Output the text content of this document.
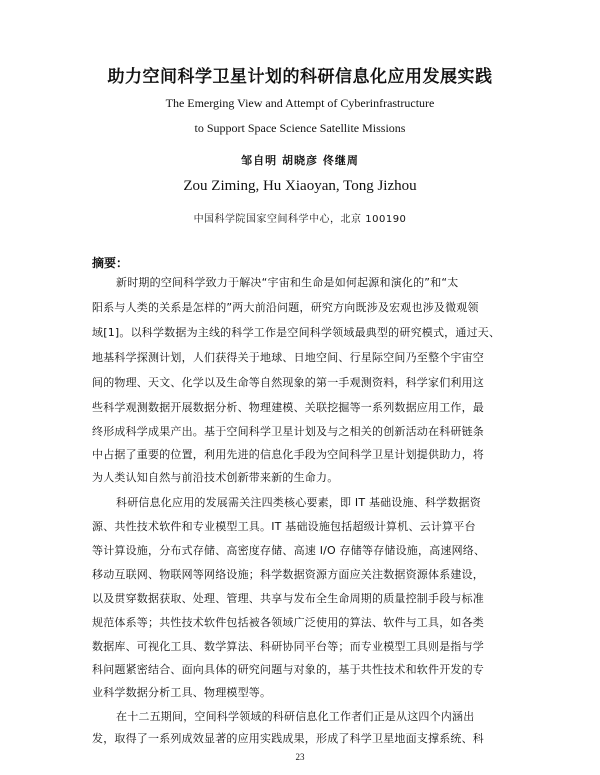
助力空间科学卫星计划的科研信息化应用发展实践
The Emerging View and Attempt of Cyberinfrastructure
to Support Space Science Satellite Missions
邹自明 胡晓彦 佟继周
Zou Ziming, Hu Xiaoyan, Tong Jizhou
中国科学院国家空间科学中心，北京 100190
摘要：
新时期的空间科学致力于解决“宇宙和生命是如何起源和演化的”和“太
阳系与人类的关系是怎样的”两大前沿问题，研究方向既涉及宏观也涉及微观领
域[1]。以科学数据为主线的科学工作是空间科学领域最典型的研究模式，通过天、
地基科学探测计划，人们获得关于地球、日地空间、行星际空间乃至整个宇宙空
间的物理、天文、化学以及生命等自然现象的第一手观测资料，科学家们利用这
些科学观测数据开展数据分析、物理建模、关联挖掘等一系列数据应用工作，最
终形成科学成果产出。基于空间科学卫星计划及与之相关的创新活动在科研链条
中占据了重要的位置，利用先进的信息化手段为空间科学卫星计划提供助力，将
为人类认知自然与前沿技术创新带来新的生命力。
科研信息化应用的发展需关注四类核心要素，即 IT 基础设施、科学数据资
源、共性技术软件和专业模型工具。IT 基础设施包括超级计算机、云计算平台
等计算设施，分布式存储、高密度存储、高速 I/O 存储等存储设施，高速网络、
移动互联网、物联网等网络设施；科学数据资源方面应关注数据资源体系建设，
以及贯穿数据获取、处理、管理、共享与发布全生命周期的质量控制手段与标准
规范体系等；共性技术软件包括被各领域广泛使用的算法、软件与工具，如各类
数据库、可视化工具、数学算法、科研协同平台等；而专业模型工具则是指与学
科问题紧密结合、面向具体的研究问题与对象的，基于共性技术和软件开发的专
业科学数据分析工具、物理模型等。
在十二五期间，空间科学领域的科研信息化工作者们正是从这四个内涵出
发，取得了一系列成效显著的应用实践成果，形成了科学卫星地面支撑系统、科
23
